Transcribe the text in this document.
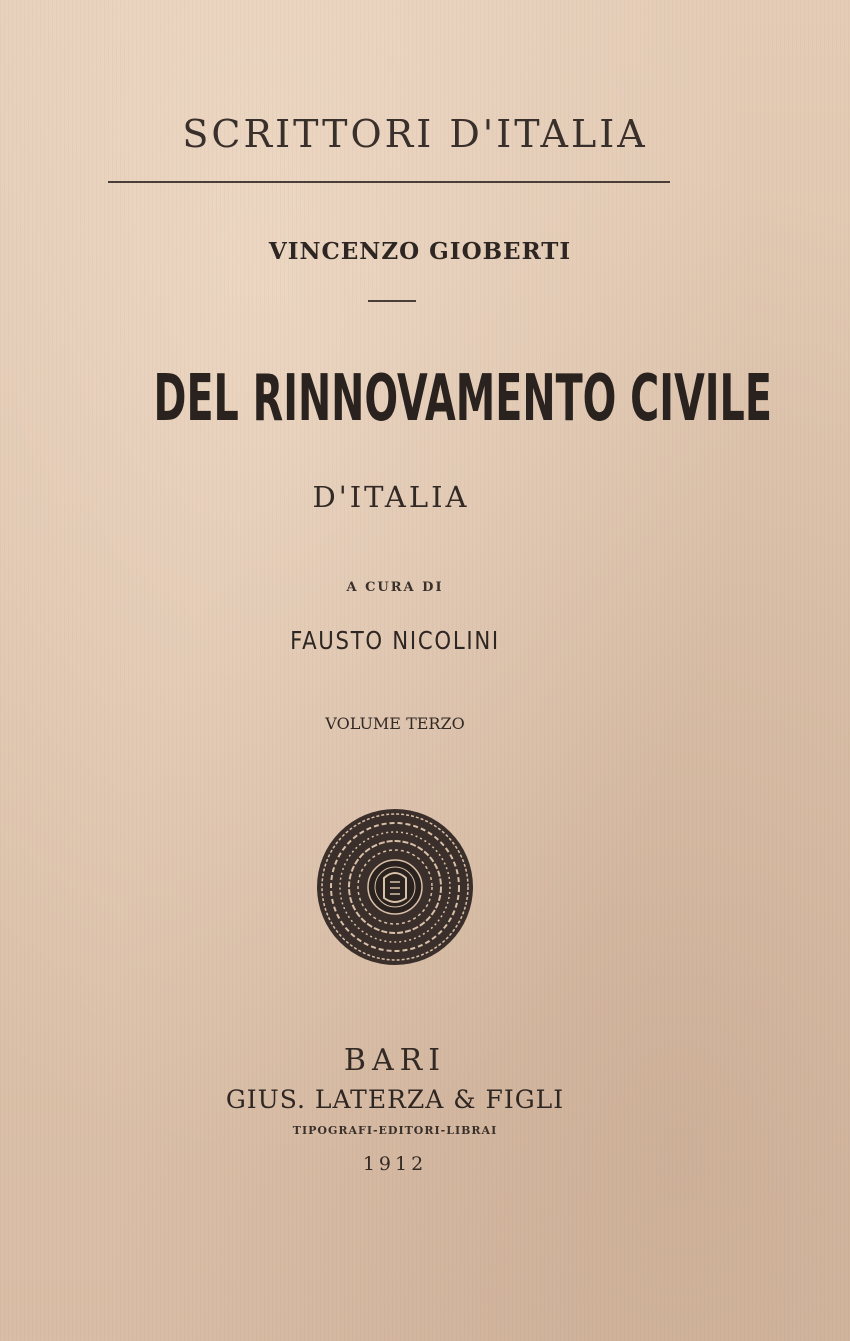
SCRITTORI D'ITALIA
VINCENZO GIOBERTI
DEL RINNOVAMENTO CIVILE
D'ITALIA
A CURA DI
FAUSTO NICOLINI
VOLUME TERZO
BARI
GIUS. LATERZA & FIGLI
TIPOGRAFI-EDITORI-LIBRAI
1912
